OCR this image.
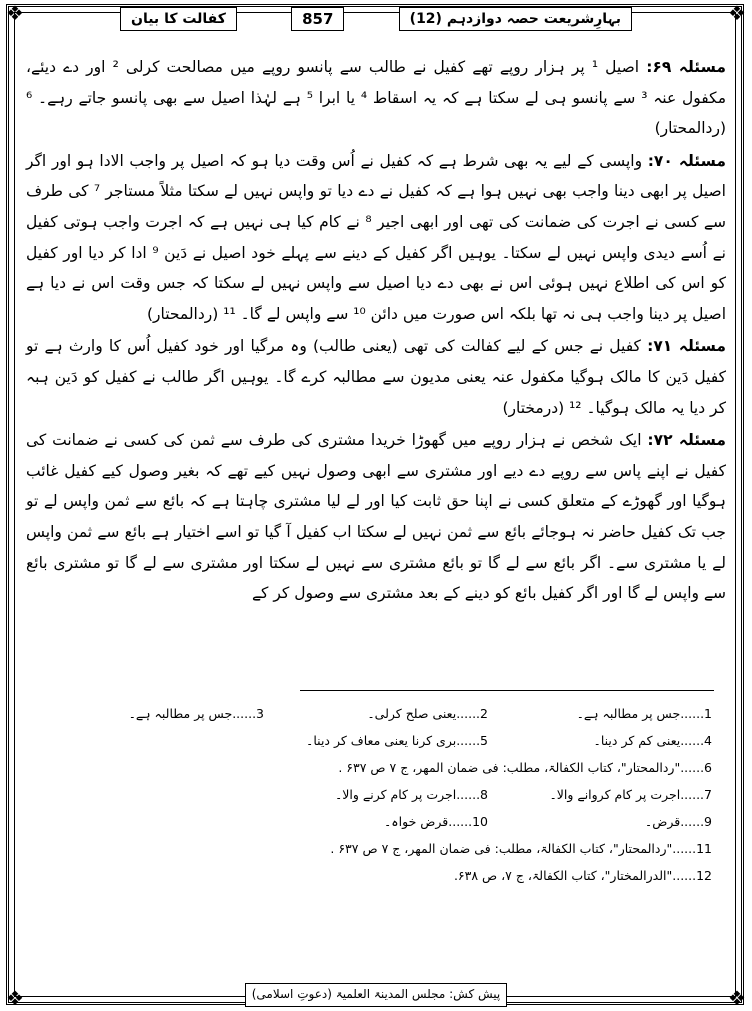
❖	❖
❖	❖
بہارِشریعت حصہ دوازدہم (12)
857
کفالت کا بیان

مسئلہ ۶۹: اصیل ¹ پر ہزار روپے تھے کفیل نے طالب سے پانسو روپے میں مصالحت کرلی ² اور دے دیئے، مکفول عنہ ³ سے پانسو ہی لے سکتا ہے کہ یہ اسقاط ⁴ یا ابرا ⁵ ہے لہٰذا اصیل سے بھی پانسو جاتے رہے۔ ⁶ (ردالمحتار)

مسئلہ ۷۰: واپسی کے لیے یہ بھی شرط ہے کہ کفیل نے اُس وقت دیا ہو کہ اصیل پر واجب الادا ہو اور اگر اصیل پر ابھی دینا واجب بھی نہیں ہوا ہے کہ کفیل نے دے دیا تو واپس نہیں لے سکتا مثلاً مستاجر ⁷ کی طرف سے کسی نے اجرت کی ضمانت کی تھی اور ابھی اجیر ⁸ نے کام کیا ہی نہیں ہے کہ اجرت واجب ہوتی کفیل نے اُسے دیدی واپس نہیں لے سکتا۔ یوہیں اگر کفیل کے دینے سے پہلے خود اصیل نے دَین ⁹ ادا کر دیا اور کفیل کو اس کی اطلاع نہیں ہوئی اس نے بھی دے دیا اصیل سے واپس نہیں لے سکتا کہ جس وقت اس نے دیا ہے اصیل پر دینا واجب ہی نہ تھا بلکہ اس صورت میں دائن ¹⁰ سے واپس لے گا۔ ¹¹ (ردالمحتار)

مسئلہ ۷۱: کفیل نے جس کے لیے کفالت کی تھی (یعنی طالب) وہ مرگیا اور خود کفیل اُس کا وارث ہے تو کفیل دَین کا مالک ہوگیا مکفول عنہ یعنی مدیون سے مطالبہ کرے گا۔ یوہیں اگر طالب نے کفیل کو دَین ہبہ کر دیا یہ مالک ہوگیا۔ ¹² (درمختار)

مسئلہ ۷۲: ایک شخص نے ہزار روپے میں گھوڑا خریدا مشتری کی طرف سے ثمن کی کسی نے ضمانت کی کفیل نے اپنے پاس سے روپے دے دیے اور مشتری سے ابھی وصول نہیں کیے تھے کہ بغیر وصول کیے کفیل غائب ہوگیا اور گھوڑے کے متعلق کسی نے اپنا حق ثابت کیا اور لے لیا مشتری چاہتا ہے کہ بائع سے ثمن واپس لے تو جب تک کفیل حاضر نہ ہوجائے بائع سے ثمن نہیں لے سکتا اب کفیل آ گیا تو اسے اختیار ہے بائع سے ثمن واپس لے یا مشتری سے۔ اگر بائع سے لے گا تو بائع مشتری سے نہیں لے سکتا اور مشتری سے لے گا تو مشتری بائع سے واپس لے گا اور اگر کفیل بائع کو دینے کے بعد مشتری سے وصول کر کے

1......جس پر مطالبہ ہے۔
2......یعنی صلح کرلی۔
3......جس پر مطالبہ ہے۔
4......یعنی کم کر دینا۔
5......بری کرنا یعنی معاف کر دینا۔
6......"ردالمحتار"، کتاب الکفالۃ، مطلب: فی ضمان المھر، ج ۷ ص ۶۳۷ .
7......اجرت پر کام کروانے والا۔
8......اجرت پر کام کرنے والا۔
9......قرض۔
10......قرض خواہ۔
11......"ردالمحتار"، کتاب الکفالۃ، مطلب: فی ضمان المھر، ج ۷ ص ۶۳۷ .
12......"الدرالمختار"، کتاب الکفالۃ، ج ۷، ص ۶۳۸.
پیش کش: مجلس المدینۃ العلمیۃ (دعوتِ اسلامی)
